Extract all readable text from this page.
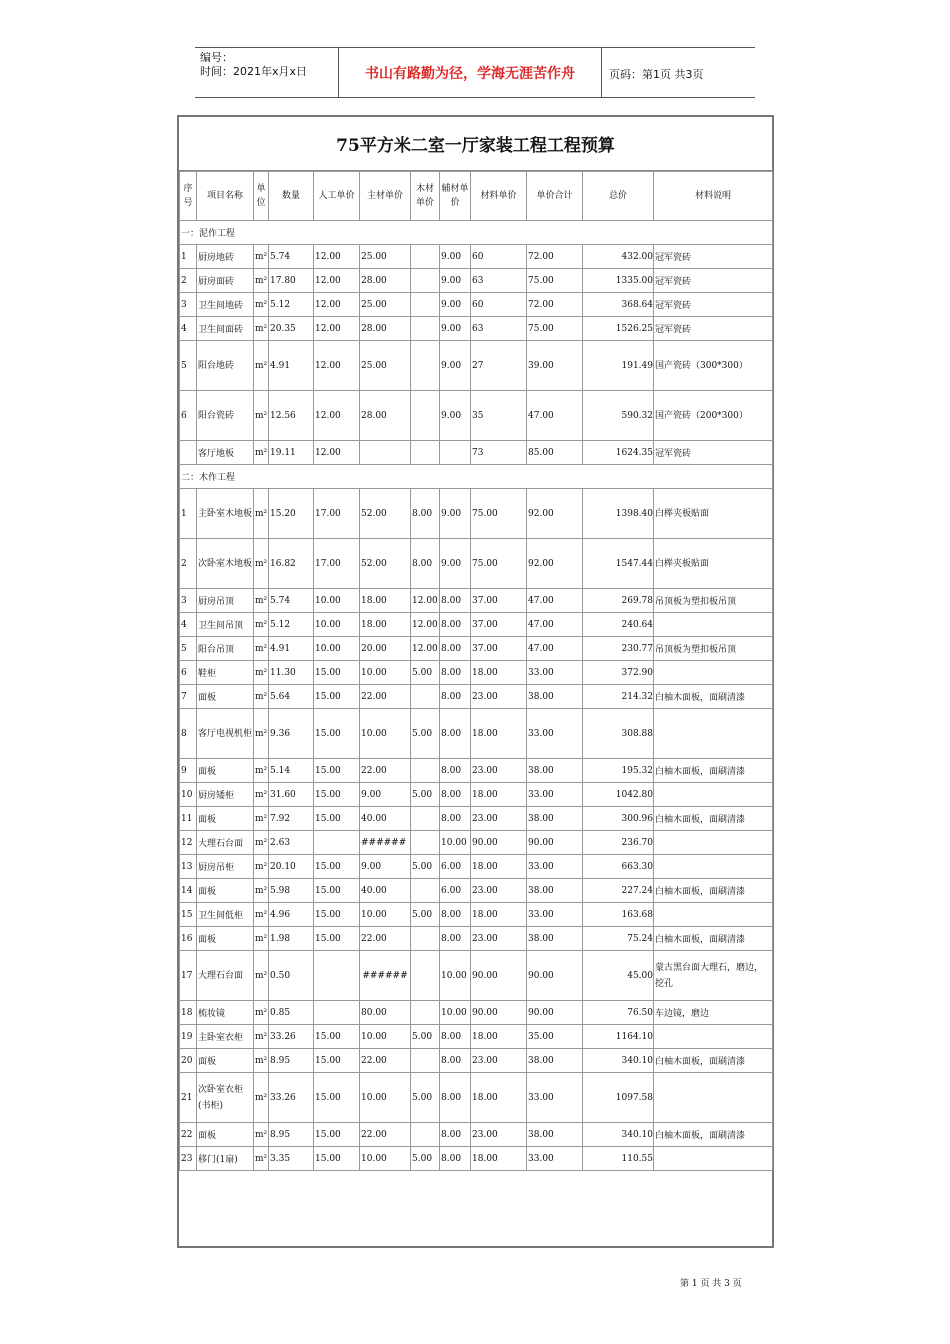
编号：
时间：2021年x月x日	书山有路勤为径，学海无涯苦作舟	页码：第1页 共3页
75平方米二室一厅家装工程工程预算
序号	项目名称	单位	数量	人工单价	主材单价	木材单价	辅材单价	材料单价	单价合计	总价	材料说明
一：泥作工程											
1	厨房地砖	m²	5.74	12.00	25.00		9.00	60	72.00	432.00	冠军瓷砖
2	厨房面砖	m²	17.80	12.00	28.00		9.00	63	75.00	1335.00	冠军瓷砖
3	卫生间地砖	m²	5.12	12.00	25.00		9.00	60	72.00	368.64	冠军瓷砖
4	卫生间面砖	m²	20.35	12.00	28.00		9.00	63	75.00	1526.25	冠军瓷砖
5	阳台地砖	m²	4.91	12.00	25.00		9.00	27	39.00	191.49	国产瓷砖（300*300）
6	阳台瓷砖	m²	12.56	12.00	28.00		9.00	35	47.00	590.32	国产瓷砖（200*300）
	客厅地板	m²	19.11	12.00				73	85.00	1624.35	冠军瓷砖
二：木作工程											
1	主卧室木地板	m²	15.20	17.00	52.00	8.00	9.00	75.00	92.00	1398.40	白榉夹板贴面
2	次卧室木地板	m²	16.82	17.00	52.00	8.00	9.00	75.00	92.00	1547.44	白榉夹板贴面
3	厨房吊顶	m²	5.74	10.00	18.00	12.00	8.00	37.00	47.00	269.78	吊顶板为塑扣板吊顶
4	卫生间吊顶	m²	5.12	10.00	18.00	12.00	8.00	37.00	47.00	240.64	
5	阳台吊顶	m²	4.91	10.00	20.00	12.00	8.00	37.00	47.00	230.77	吊顶板为塑扣板吊顶
6	鞋柜	m²	11.30	15.00	10.00	5.00	8.00	18.00	33.00	372.90	
7	面板	m²	5.64	15.00	22.00		8.00	23.00	38.00	214.32	白柚木面板，面刷清漆
8	客厅电视机柜	m²	9.36	15.00	10.00	5.00	8.00	18.00	33.00	308.88	
9	面板	m²	5.14	15.00	22.00		8.00	23.00	38.00	195.32	白柚木面板，面刷清漆
10	厨房矮柜	m²	31.60	15.00	9.00	5.00	8.00	18.00	33.00	1042.80	
11	面板	m²	7.92	15.00	40.00		8.00	23.00	38.00	300.96	白柚木面板，面刷清漆
12	大理石台面	m²	2.63		######		10.00	90.00	90.00	236.70	
13	厨房吊柜	m²	20.10	15.00	9.00	5.00	6.00	18.00	33.00	663.30	
14	面板	m²	5.98	15.00	40.00		6.00	23.00	38.00	227.24	白柚木面板，面刷清漆
15	卫生间低柜	m²	4.96	15.00	10.00	5.00	8.00	18.00	33.00	163.68	
16	面板	m²	1.98	15.00	22.00		8.00	23.00	38.00	75.24	白柚木面板，面刷清漆
17	大理石台面	m²	0.50		######		10.00	90.00	90.00	45.00	蒙古黑台面大理石，磨边，挖孔
18	梳妆镜	m²	0.85		80.00		10.00	90.00	90.00	76.50	车边镜，磨边
19	主卧室衣柜	m²	33.26	15.00	10.00	5.00	8.00	18.00	35.00	1164.10	
20	面板	m²	8.95	15.00	22.00		8.00	23.00	38.00	340.10	白柚木面板，面刷清漆
21	次卧室衣柜(书柜)	m²	33.26	15.00	10.00	5.00	8.00	18.00	33.00	1097.58	
22	面板	m²	8.95	15.00	22.00		8.00	23.00	38.00	340.10	白柚木面板，面刷清漆
23	移门(1扇)	m²	3.35	15.00	10.00	5.00	8.00	18.00	33.00	110.55	
第 1 页 共 3 页
